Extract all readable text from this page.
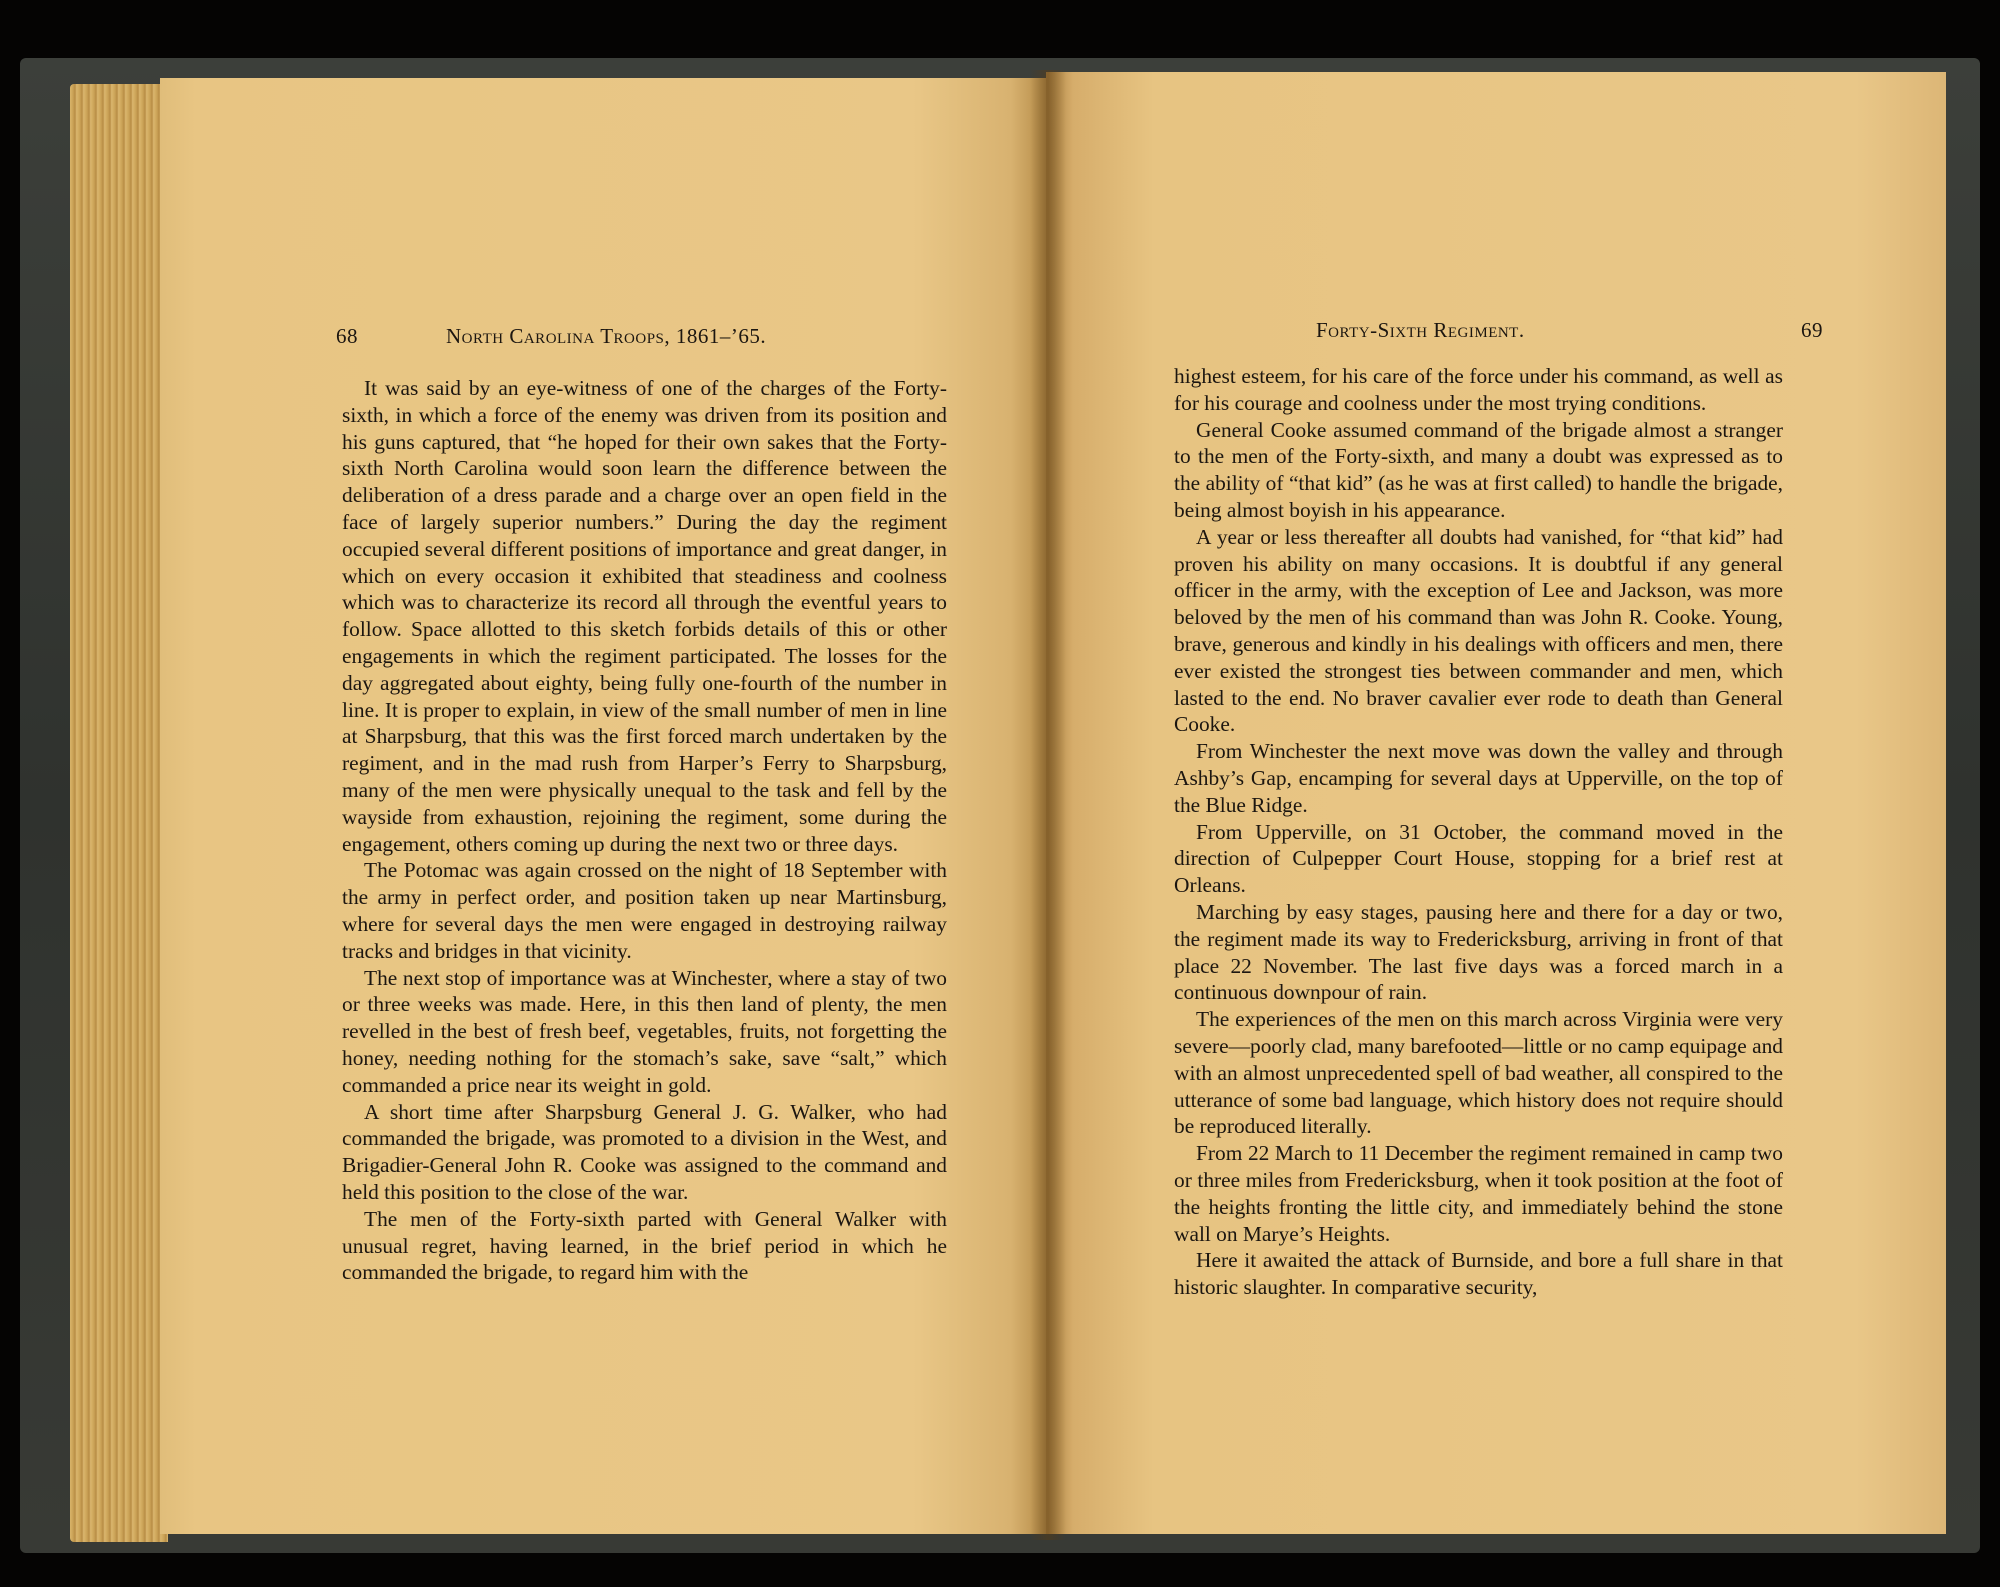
68	North Carolina Troops, 1861–’65.

It was said by an eye-witness of one of the charges of the Forty-sixth, in which a force of the enemy was driven from its position and his guns captured, that “he hoped for their own sakes that the Forty-sixth North Carolina would soon learn the difference between the deliberation of a dress parade and a charge over an open field in the face of largely superior numbers.” During the day the regiment occupied several different positions of importance and great danger, in which on every occasion it exhibited that steadiness and coolness which was to characterize its record all through the eventful years to follow. Space allotted to this sketch forbids details of this or other engagements in which the regiment participated. The losses for the day aggregated about eighty, being fully one-fourth of the number in line. It is proper to explain, in view of the small number of men in line at Sharpsburg, that this was the first forced march undertaken by the regiment, and in the mad rush from Harper’s Ferry to Sharpsburg, many of the men were physically unequal to the task and fell by the wayside from exhaustion, rejoining the regiment, some during the engagement, others coming up during the next two or three days.

The Potomac was again crossed on the night of 18 September with the army in perfect order, and position taken up near Martinsburg, where for several days the men were engaged in destroying railway tracks and bridges in that vicinity.

The next stop of importance was at Winchester, where a stay of two or three weeks was made. Here, in this then land of plenty, the men revelled in the best of fresh beef, vegetables, fruits, not forgetting the honey, needing nothing for the stomach’s sake, save “salt,” which commanded a price near its weight in gold.

A short time after Sharpsburg General J. G. Walker, who had commanded the brigade, was promoted to a division in the West, and Brigadier-General John R. Cooke was assigned to the command and held this position to the close of the war.

The men of the Forty-sixth parted with General Walker with unusual regret, having learned, in the brief period in which he commanded the brigade, to regard him with the

Forty-Sixth Regiment.	69

highest esteem, for his care of the force under his command, as well as for his courage and coolness under the most trying conditions.

General Cooke assumed command of the brigade almost a stranger to the men of the Forty-sixth, and many a doubt was expressed as to the ability of “that kid” (as he was at first called) to handle the brigade, being almost boyish in his appearance.

A year or less thereafter all doubts had vanished, for “that kid” had proven his ability on many occasions. It is doubtful if any general officer in the army, with the exception of Lee and Jackson, was more beloved by the men of his command than was John R. Cooke. Young, brave, generous and kindly in his dealings with officers and men, there ever existed the strongest ties between commander and men, which lasted to the end. No braver cavalier ever rode to death than General Cooke.

From Winchester the next move was down the valley and through Ashby’s Gap, encamping for several days at Upperville, on the top of the Blue Ridge.

From Upperville, on 31 October, the command moved in the direction of Culpepper Court House, stopping for a brief rest at Orleans.

Marching by easy stages, pausing here and there for a day or two, the regiment made its way to Fredericksburg, arriving in front of that place 22 November. The last five days was a forced march in a continuous downpour of rain.

The experiences of the men on this march across Virginia were very severe—poorly clad, many barefooted—little or no camp equipage and with an almost unprecedented spell of bad weather, all conspired to the utterance of some bad language, which history does not require should be reproduced literally.

From 22 March to 11 December the regiment remained in camp two or three miles from Fredericksburg, when it took position at the foot of the heights fronting the little city, and immediately behind the stone wall on Marye’s Heights.

Here it awaited the attack of Burnside, and bore a full share in that historic slaughter. In comparative security,
